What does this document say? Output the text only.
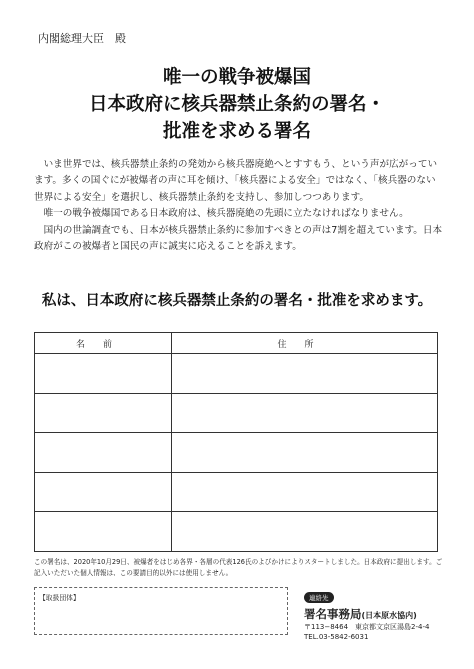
内閣総理大臣　殿
唯一の戦争被爆国
日本政府に核兵器禁止条約の署名・
批准を求める署名

いま世界では、核兵器禁止条約の発効から核兵器廃絶へとすすもう、という声が広がっています。多くの国ぐにが被爆者の声に耳を傾け、「核兵器による安全」ではなく、「核兵器のない世界による安全」を選択し、核兵器禁止条約を支持し、参加しつつあります。

唯一の戦争被爆国である日本政府は、核兵器廃絶の先頭に立たなければなりません。

国内の世論調査でも、日本が核兵器禁止条約に参加すべきとの声は7割を超えています。日本政府がこの被爆者と国民の声に誠実に応えることを訴えます。

私は、日本政府に核兵器禁止条約の署名・批准を求めます。
名前	住所

この署名は、2020年10月29日、被爆者をはじめ各界・各層の代表126氏のよびかけによりスタートしました。日本政府に提出します。ご記入いただいた個人情報は、この要請目的以外には使用しません。
【取扱団体】	連絡先
署名事務局(日本原水協内)
〒113−8464　東京都文京区湯島2-4-4
TEL.03-5842-6031
